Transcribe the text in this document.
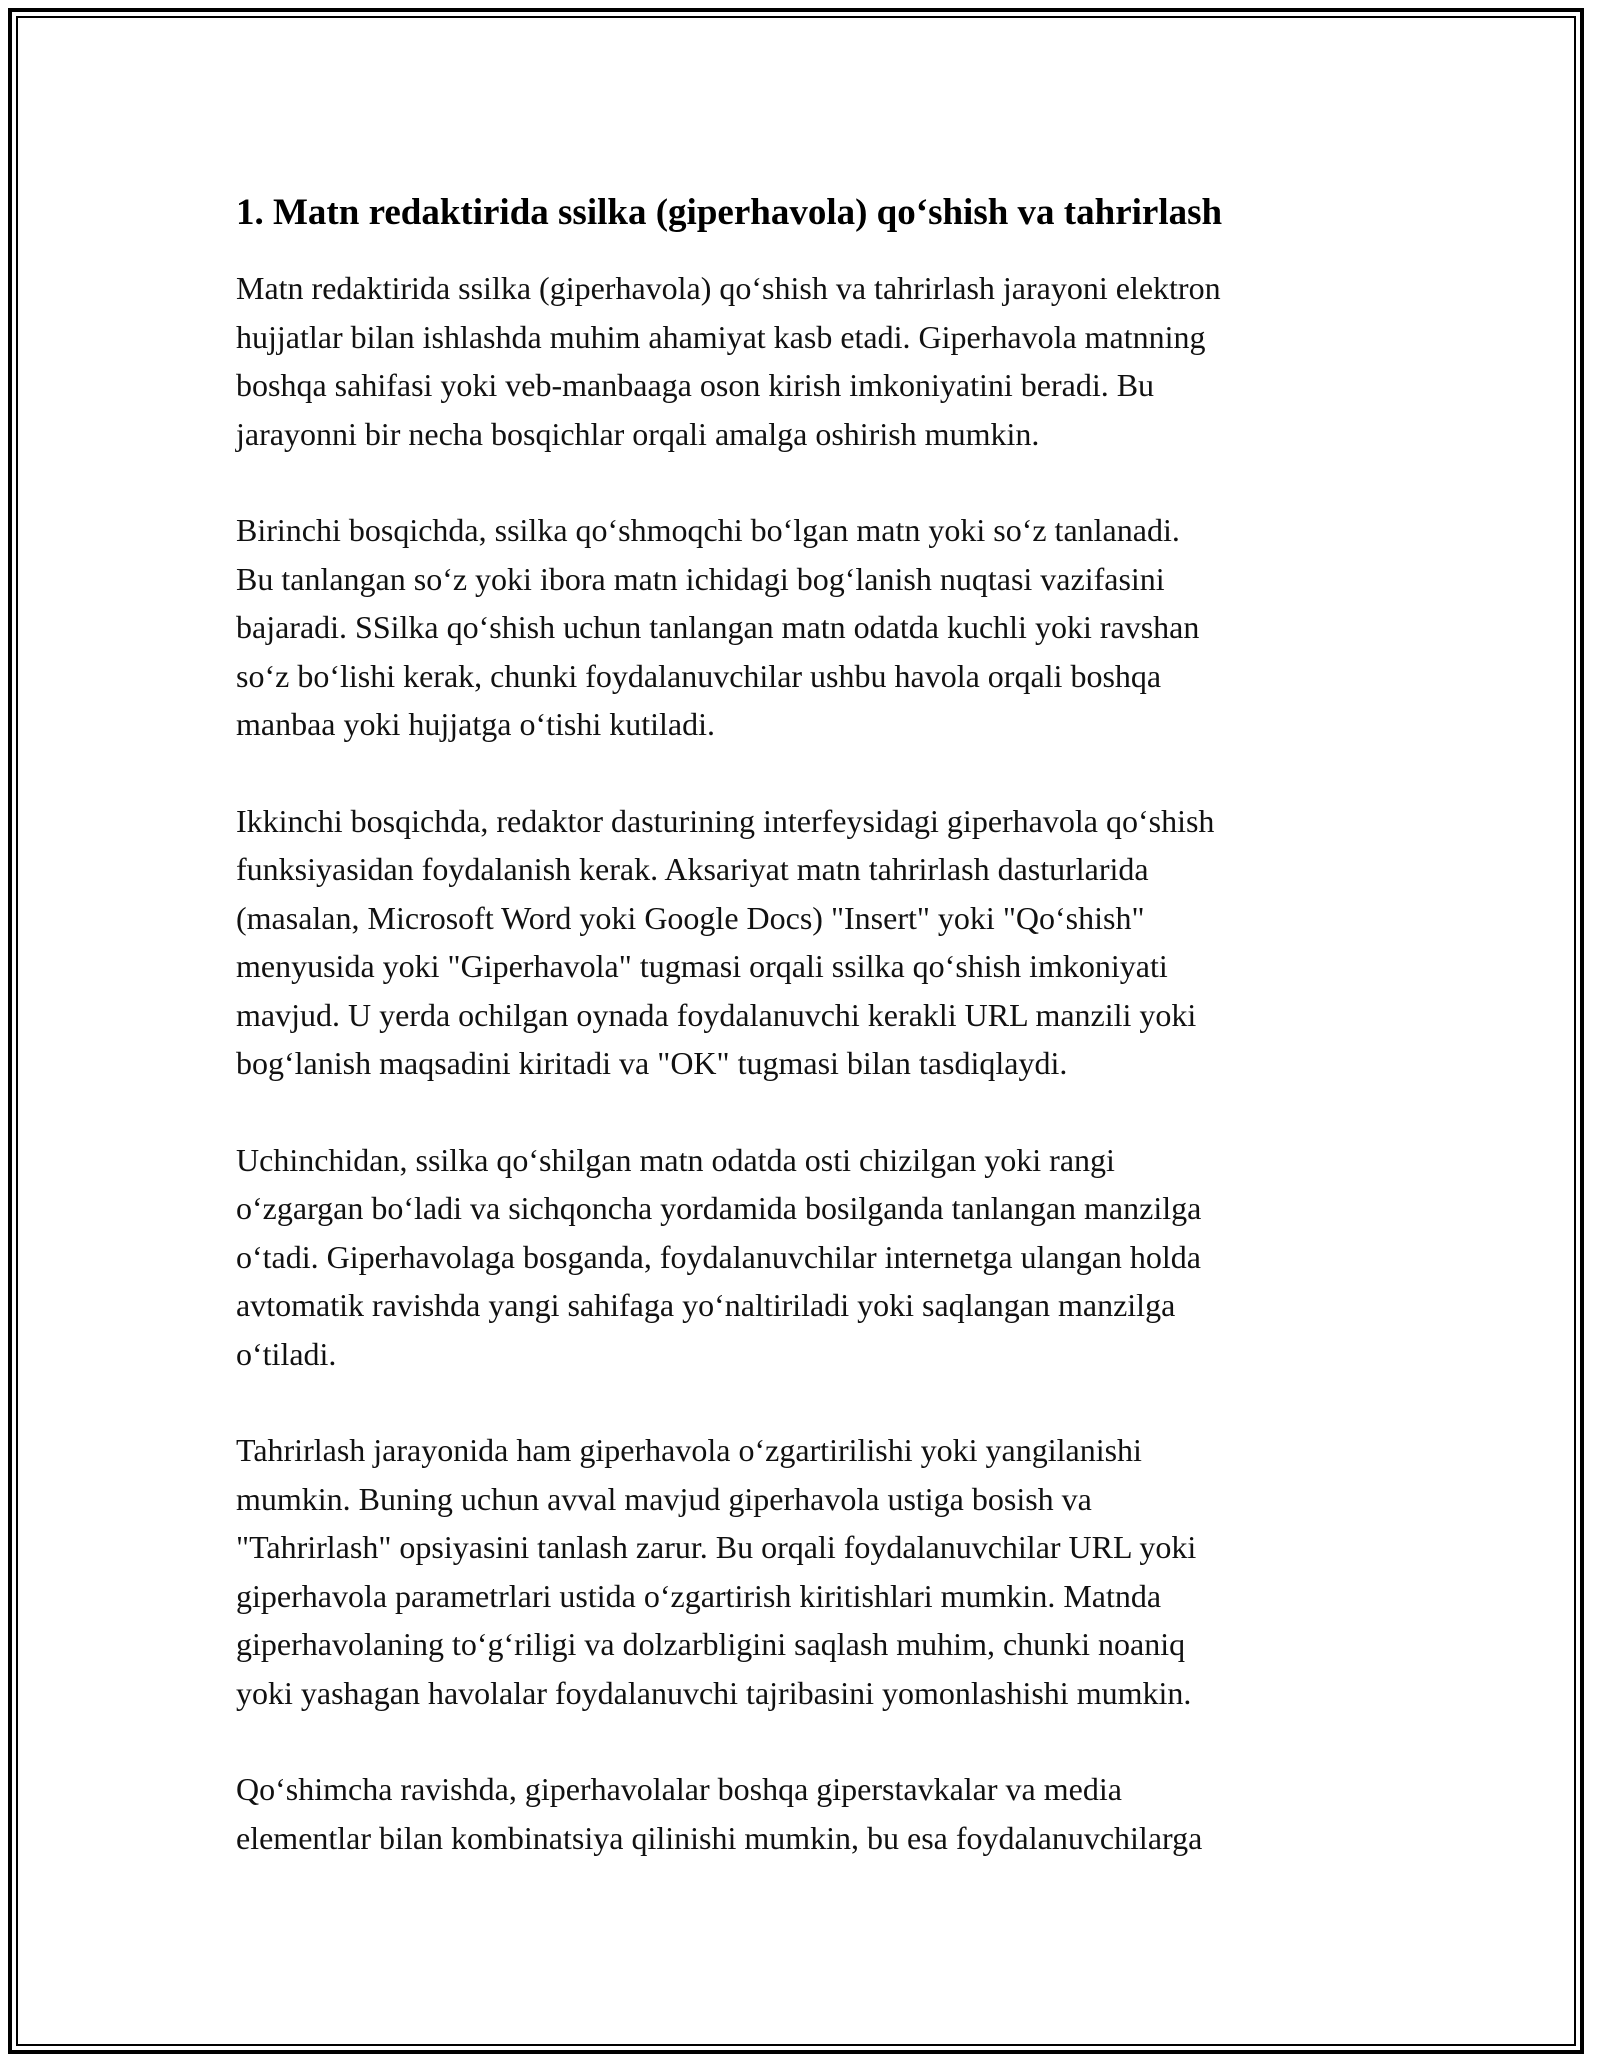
1. Matn redaktirida ssilka (giperhavola) qo‘shish va tahrirlash

Matn redaktirida ssilka (giperhavola) qo‘shish va tahrirlash jarayoni elektron
hujjatlar bilan ishlashda muhim ahamiyat kasb etadi. Giperhavola matnning
boshqa sahifasi yoki veb-manbaaga oson kirish imkoniyatini beradi. Bu
jarayonni bir necha bosqichlar orqali amalga oshirish mumkin.

Birinchi bosqichda, ssilka qo‘shmoqchi bo‘lgan matn yoki so‘z tanlanadi.
Bu tanlangan so‘z yoki ibora matn ichidagi bog‘lanish nuqtasi vazifasini
bajaradi. SSilka qo‘shish uchun tanlangan matn odatda kuchli yoki ravshan
so‘z bo‘lishi kerak, chunki foydalanuvchilar ushbu havola orqali boshqa
manbaa yoki hujjatga o‘tishi kutiladi.

Ikkinchi bosqichda, redaktor dasturining interfeysidagi giperhavola qo‘shish
funksiyasidan foydalanish kerak. Aksariyat matn tahrirlash dasturlarida
(masalan, Microsoft Word yoki Google Docs) "Insert" yoki "Qo‘shish"
menyusida yoki "Giperhavola" tugmasi orqali ssilka qo‘shish imkoniyati
mavjud. U yerda ochilgan oynada foydalanuvchi kerakli URL manzili yoki
bog‘lanish maqsadini kiritadi va "OK" tugmasi bilan tasdiqlaydi.

Uchinchidan, ssilka qo‘shilgan matn odatda osti chizilgan yoki rangi
o‘zgargan bo‘ladi va sichqoncha yordamida bosilganda tanlangan manzilga
o‘tadi. Giperhavolaga bosganda, foydalanuvchilar internetga ulangan holda
avtomatik ravishda yangi sahifaga yo‘naltiriladi yoki saqlangan manzilga
o‘tiladi.

Tahrirlash jarayonida ham giperhavola o‘zgartirilishi yoki yangilanishi
mumkin. Buning uchun avval mavjud giperhavola ustiga bosish va
"Tahrirlash" opsiyasini tanlash zarur. Bu orqali foydalanuvchilar URL yoki
giperhavola parametrlari ustida o‘zgartirish kiritishlari mumkin. Matnda
giperhavolaning to‘g‘riligi va dolzarbligini saqlash muhim, chunki noaniq
yoki yashagan havolalar foydalanuvchi tajribasini yomonlashishi mumkin.

Qo‘shimcha ravishda, giperhavolalar boshqa giperstavkalar va media
elementlar bilan kombinatsiya qilinishi mumkin, bu esa foydalanuvchilarga
